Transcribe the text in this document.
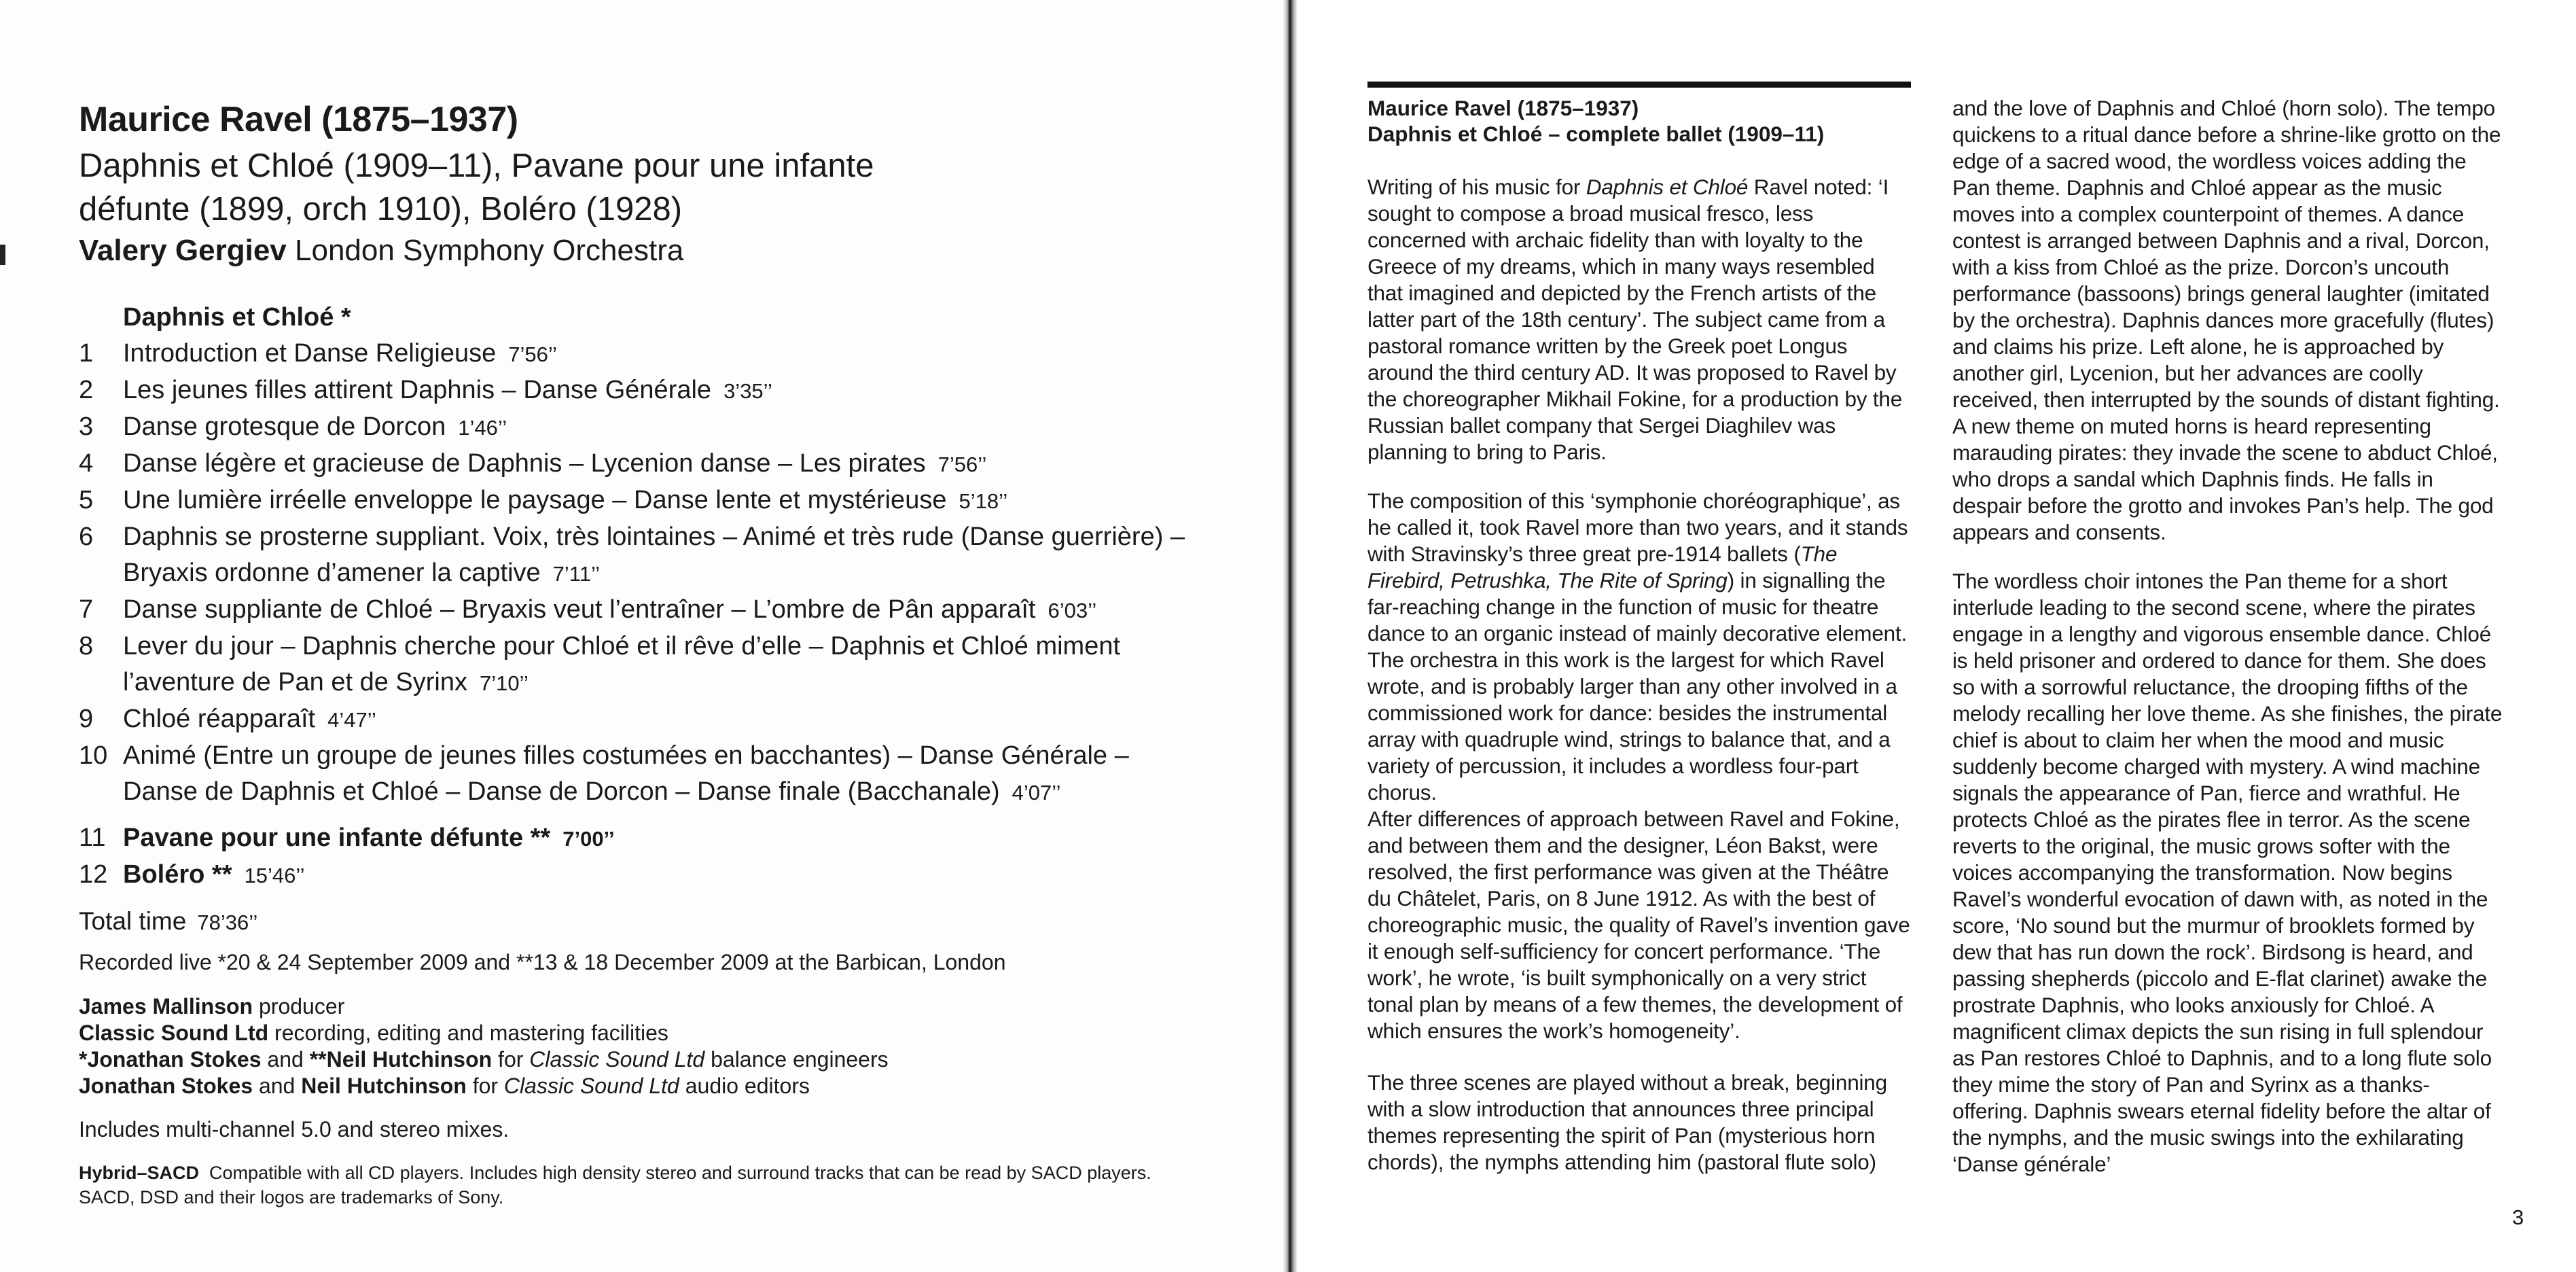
Maurice Ravel (1875–1937)
Daphnis et Chloé (1909–11), Pavane pour une infante
défunte (1899, orch 1910), Boléro (1928)
Valery Gergiev London Symphony Orchestra
Daphnis et Chloé *
1	Introduction et Danse Religieuse 7’56’’
2	Les jeunes filles attirent Daphnis – Danse Générale 3’35’’
3	Danse grotesque de Dorcon 1’46’’
4	Danse légère et gracieuse de Daphnis – Lycenion danse – Les pirates 7’56’’
5	Une lumière irréelle enveloppe le paysage – Danse lente et mystérieuse 5’18’’
6	Daphnis se prosterne suppliant. Voix, très lointaines – Animé et très rude (Danse guerrière) – Bryaxis ordonne d’amener la captive 7’11’’
7	Danse suppliante de Chloé – Bryaxis veut l’entraîner – L’ombre de Pân apparaît 6’03’’
8	Lever du jour – Daphnis cherche pour Chloé et il rêve d’elle – Daphnis et Chloé miment l’aventure de Pan et de Syrinx 7’10’’
9	Chloé réapparaît 4’47’’
10 Animé (Entre un groupe de jeunes filles costumées en bacchantes) – Danse Générale – Danse de Daphnis et Chloé – Danse de Dorcon – Danse finale (Bacchanale) 4’07’’
11 Pavane pour une infante défunte ** 7’00’’
12 Boléro ** 15’46’’
Total time 78’36’’
Recorded live *20 & 24 September 2009 and **13 & 18 December 2009 at the Barbican, London
James Mallinson producer
Classic Sound Ltd recording, editing and mastering facilities
*Jonathan Stokes and **Neil Hutchinson for Classic Sound Ltd balance engineers
Jonathan Stokes and Neil Hutchinson for Classic Sound Ltd audio editors
Includes multi-channel 5.0 and stereo mixes.
Hybrid–SACD Compatible with all CD players. Includes high density stereo and surround tracks that can be read by SACD players.
SACD, DSD and their logos are trademarks of Sony.
Maurice Ravel (1875–1937)
Daphnis et Chloé – complete ballet (1909–11)
Writing of his music for Daphnis et Chloé Ravel noted: ‘I sought to compose a broad musical fresco, less concerned with archaic fidelity than with loyalty to the Greece of my dreams, which in many ways resembled that imagined and depicted by the French artists of the latter part of the 18th century’. The subject came from a pastoral romance written by the Greek poet Longus around the third century AD. It was proposed to Ravel by the choreographer Mikhail Fokine, for a production by the Russian ballet company that Sergei Diaghilev was planning to bring to Paris.
The composition of this ‘symphonie choréographique’, as he called it, took Ravel more than two years, and it stands with Stravinsky’s three great pre-1914 ballets (The Firebird, Petrushka, The Rite of Spring) in signalling the far-reaching change in the function of music for theatre dance to an organic instead of mainly decorative element. The orchestra in this work is the largest for which Ravel wrote, and is probably larger than any other involved in a commissioned work for dance: besides the instrumental array with quadruple wind, strings to balance that, and a variety of percussion, it includes a wordless four-part chorus.
After differences of approach between Ravel and Fokine, and between them and the designer, Léon Bakst, were resolved, the first performance was given at the Théâtre du Châtelet, Paris, on 8 June 1912. As with the best of choreographic music, the quality of Ravel’s invention gave it enough self-sufficiency for concert performance. ‘The work’, he wrote, ‘is built symphonically on a very strict tonal plan by means of a few themes, the development of which ensures the work’s homogeneity’.
The three scenes are played without a break, beginning with a slow introduction that announces three principal themes representing the spirit of Pan (mysterious horn chords), the nymphs attending him (pastoral flute solo)
and the love of Daphnis and Chloé (horn solo). The tempo quickens to a ritual dance before a shrine-like grotto on the edge of a sacred wood, the wordless voices adding the Pan theme. Daphnis and Chloé appear as the music moves into a complex counterpoint of themes. A dance contest is arranged between Daphnis and a rival, Dorcon, with a kiss from Chloé as the prize. Dorcon’s uncouth performance (bassoons) brings general laughter (imitated by the orchestra). Daphnis dances more gracefully (flutes) and claims his prize. Left alone, he is approached by another girl, Lycenion, but her advances are coolly received, then interrupted by the sounds of distant fighting. A new theme on muted horns is heard representing marauding pirates: they invade the scene to abduct Chloé, who drops a sandal which Daphnis finds. He falls in despair before the grotto and invokes Pan’s help. The god appears and consents.
The wordless choir intones the Pan theme for a short interlude leading to the second scene, where the pirates engage in a lengthy and vigorous ensemble dance. Chloé is held prisoner and ordered to dance for them. She does so with a sorrowful reluctance, the drooping fifths of the melody recalling her love theme. As she finishes, the pirate chief is about to claim her when the mood and music suddenly become charged with mystery. A wind machine signals the appearance of Pan, fierce and wrathful. He protects Chloé as the pirates flee in terror. As the scene reverts to the original, the music grows softer with the voices accompanying the transformation. Now begins Ravel’s wonderful evocation of dawn with, as noted in the score, ‘No sound but the murmur of brooklets formed by dew that has run down the rock’. Birdsong is heard, and passing shepherds (piccolo and E-flat clarinet) awake the prostrate Daphnis, who looks anxiously for Chloé. A magnificent climax depicts the sun rising in full splendour as Pan restores Chloé to Daphnis, and to a long flute solo they mime the story of Pan and Syrinx as a thanks-offering. Daphnis swears eternal fidelity before the altar of the nymphs, and the music swings into the exhilarating ‘Danse générale’
3
